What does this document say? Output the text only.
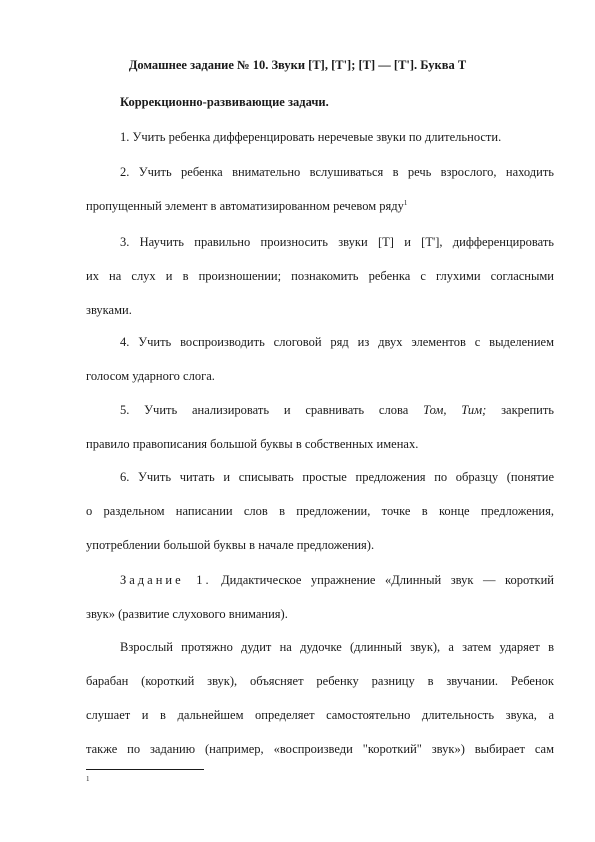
Домашнее задание № 10. Звуки [Т], [Т']; [Т] — [Т']. Буква Т
Коррекционно-развивающие задачи.
1. Учить ребенка дифференцировать неречевые звуки по длительности.
2. Учить ребенка внимательно вслушиваться в речь взрослого, находить
пропущенный элемент в автоматизированном речевом ряду$^1$
3. Научить правильно произносить звуки [Т] и [Т'], дифференцировать
их на слух и в произношении; познакомить ребенка с глухими согласными
звуками.
4. Учить воспроизводить слоговой ряд из двух элементов с выделением
голосом ударного слога.
5. Учить анализировать и сравнивать слова Том, Тим; закрепить
правило правописания большой буквы в собственных именах.
6. Учить читать и списывать простые предложения по образцу (понятие
о раздельном написании слов в предложении, точке в конце предложения,
употреблении большой буквы в начале предложения).
Задание 1. Дидактическое упражнение «Длинный звук — короткий
звук» (развитие слухового внимания).
Взрослый протяжно дудит на дудочке (длинный звук), а затем ударяет в
барабан (короткий звук), объясняет ребенку разницу в звучании. Ребенок
слушает и в дальнейшем определяет самостоятельно длительность звука, а
также по заданию (например, «воспроизведи "короткий" звук») выбирает сам
1
